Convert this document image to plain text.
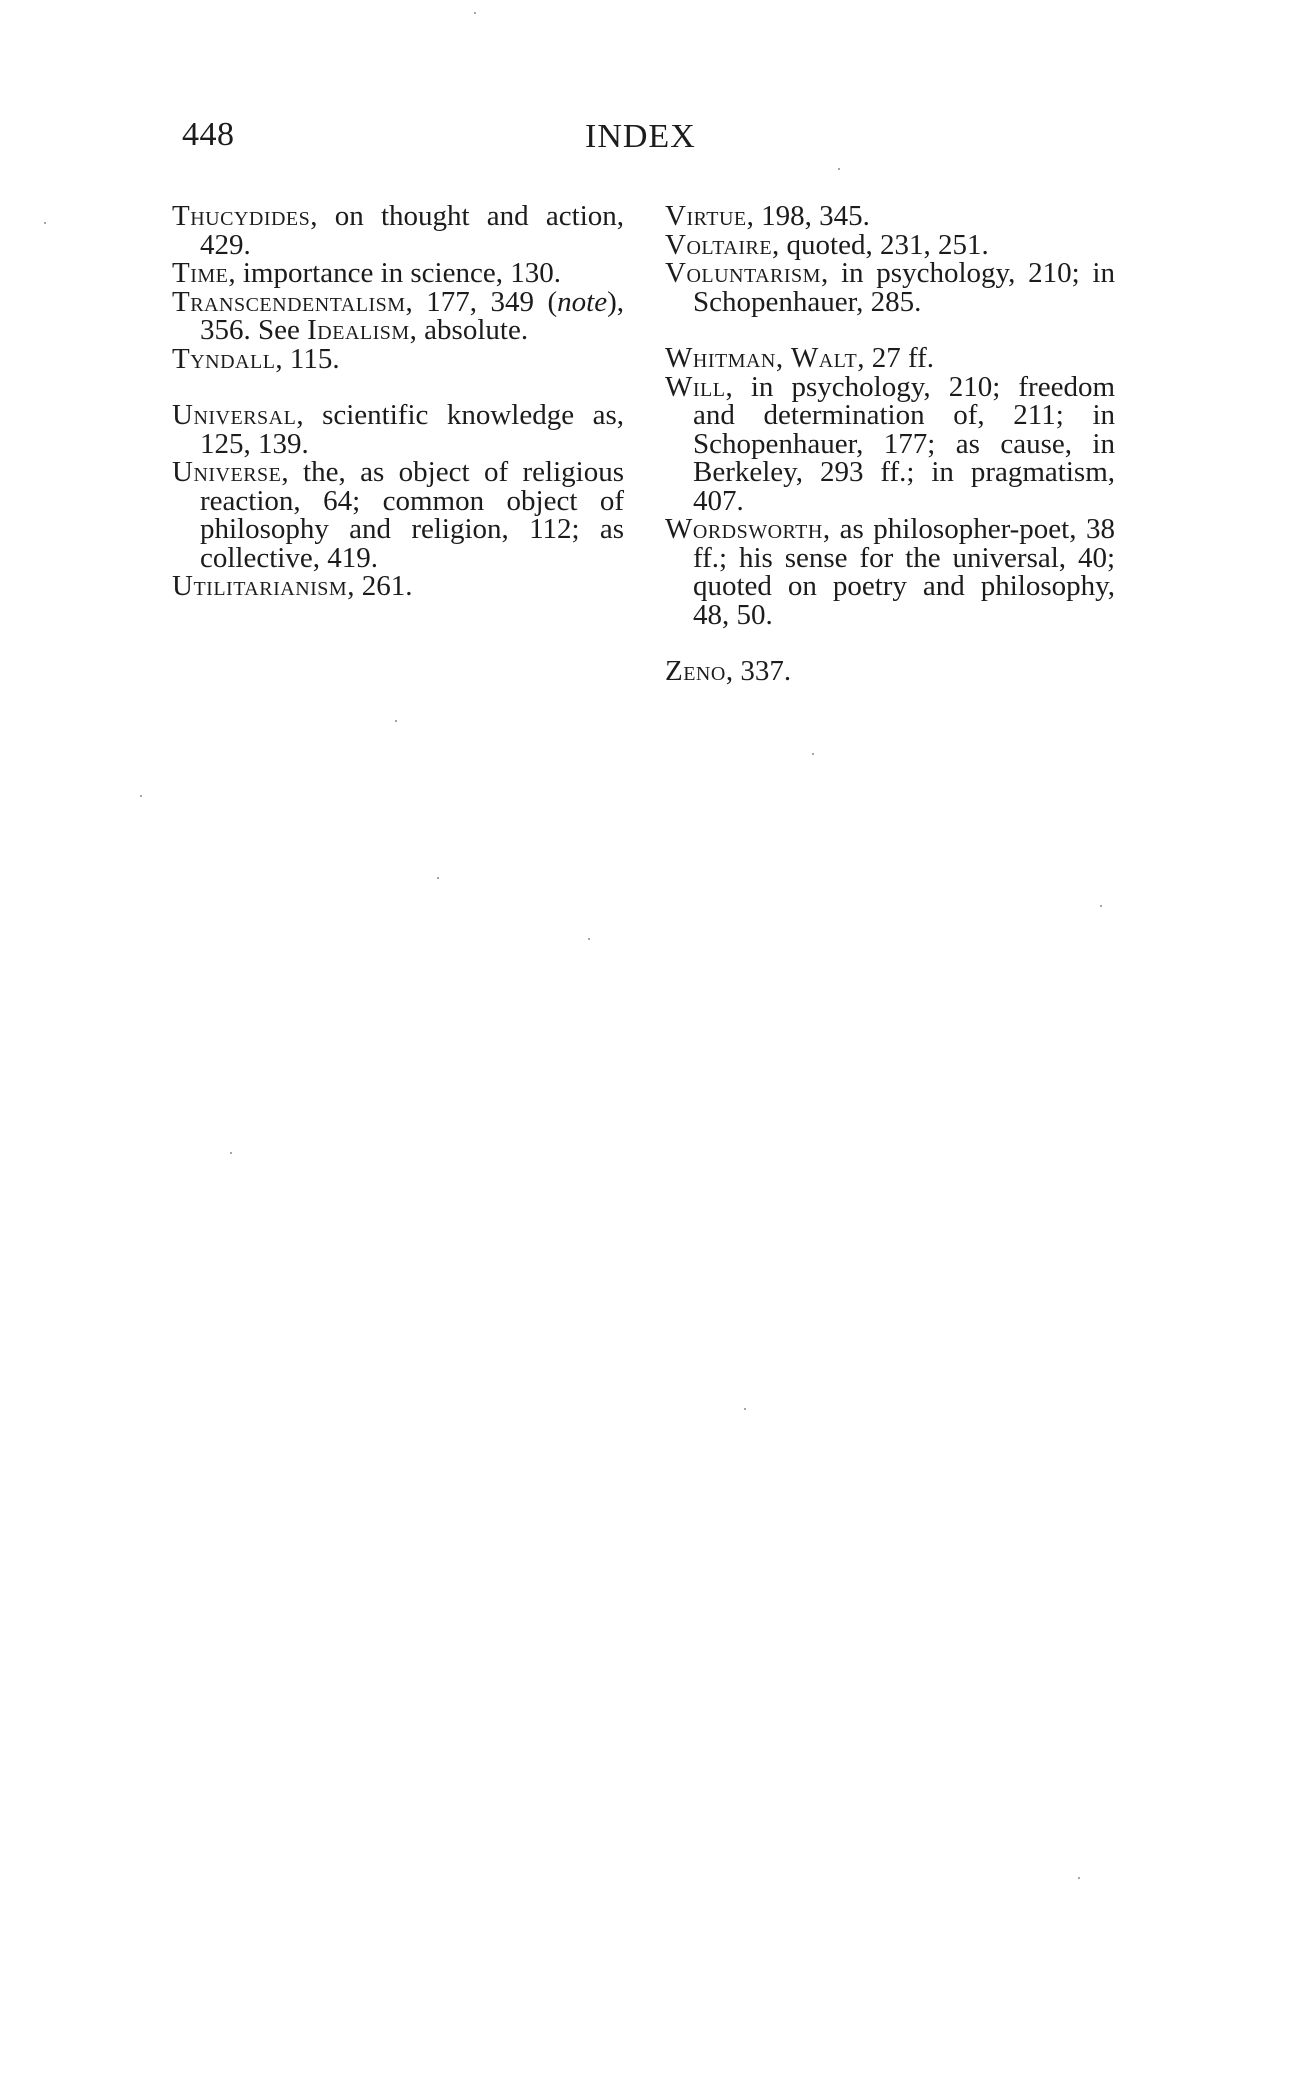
448	INDEX

Thucydides, on thought and action, 429.

Time, importance in science, 130.

Transcendentalism, 177, 349 (note), 356. See Idealism, absolute.

Tyndall, 115.

Universal, scientific knowledge as, 125, 139.

Universe, the, as object of religious reaction, 64; common object of philosophy and religion, 112; as collective, 419.

Utilitarianism, 261.

Virtue, 198, 345.

Voltaire, quoted, 231, 251.

Voluntarism, in psychology, 210; in Schopenhauer, 285.

Whitman, Walt, 27 ff.

Will, in psychology, 210; freedom and determination of, 211; in Schopenhauer, 177; as cause, in Berkeley, 293 ff.; in pragmatism, 407.

Wordsworth, as philosopher-poet, 38 ff.; his sense for the universal, 40; quoted on poetry and philosophy, 48, 50.

Zeno, 337.
